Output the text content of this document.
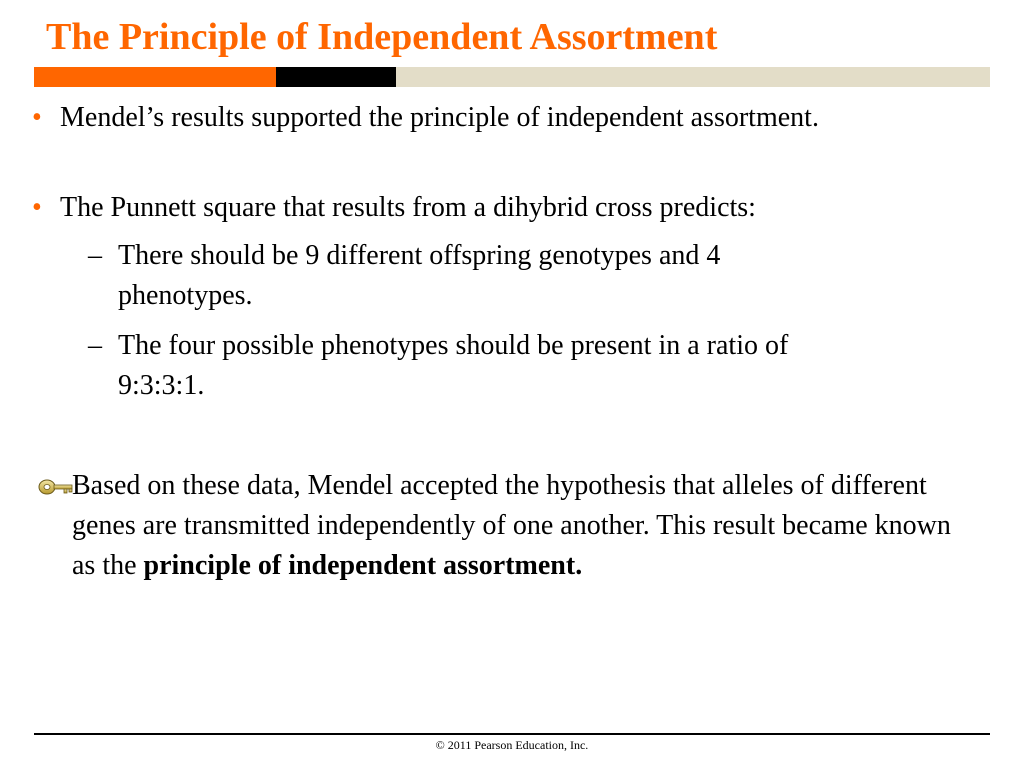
The Principle of Independent Assortment
• Mendel’s results supported the principle of independent assortment.
• The Punnett square that results from a dihybrid cross predicts:
– There should be 9 different offspring genotypes and 4
phenotypes.
– The four possible phenotypes should be present in a ratio of
9:3:3:1.
Based on these data, Mendel accepted the hypothesis that alleles of different genes are transmitted independently of one another. This result became known as the principle of independent assortment.
© 2011 Pearson Education, Inc.
